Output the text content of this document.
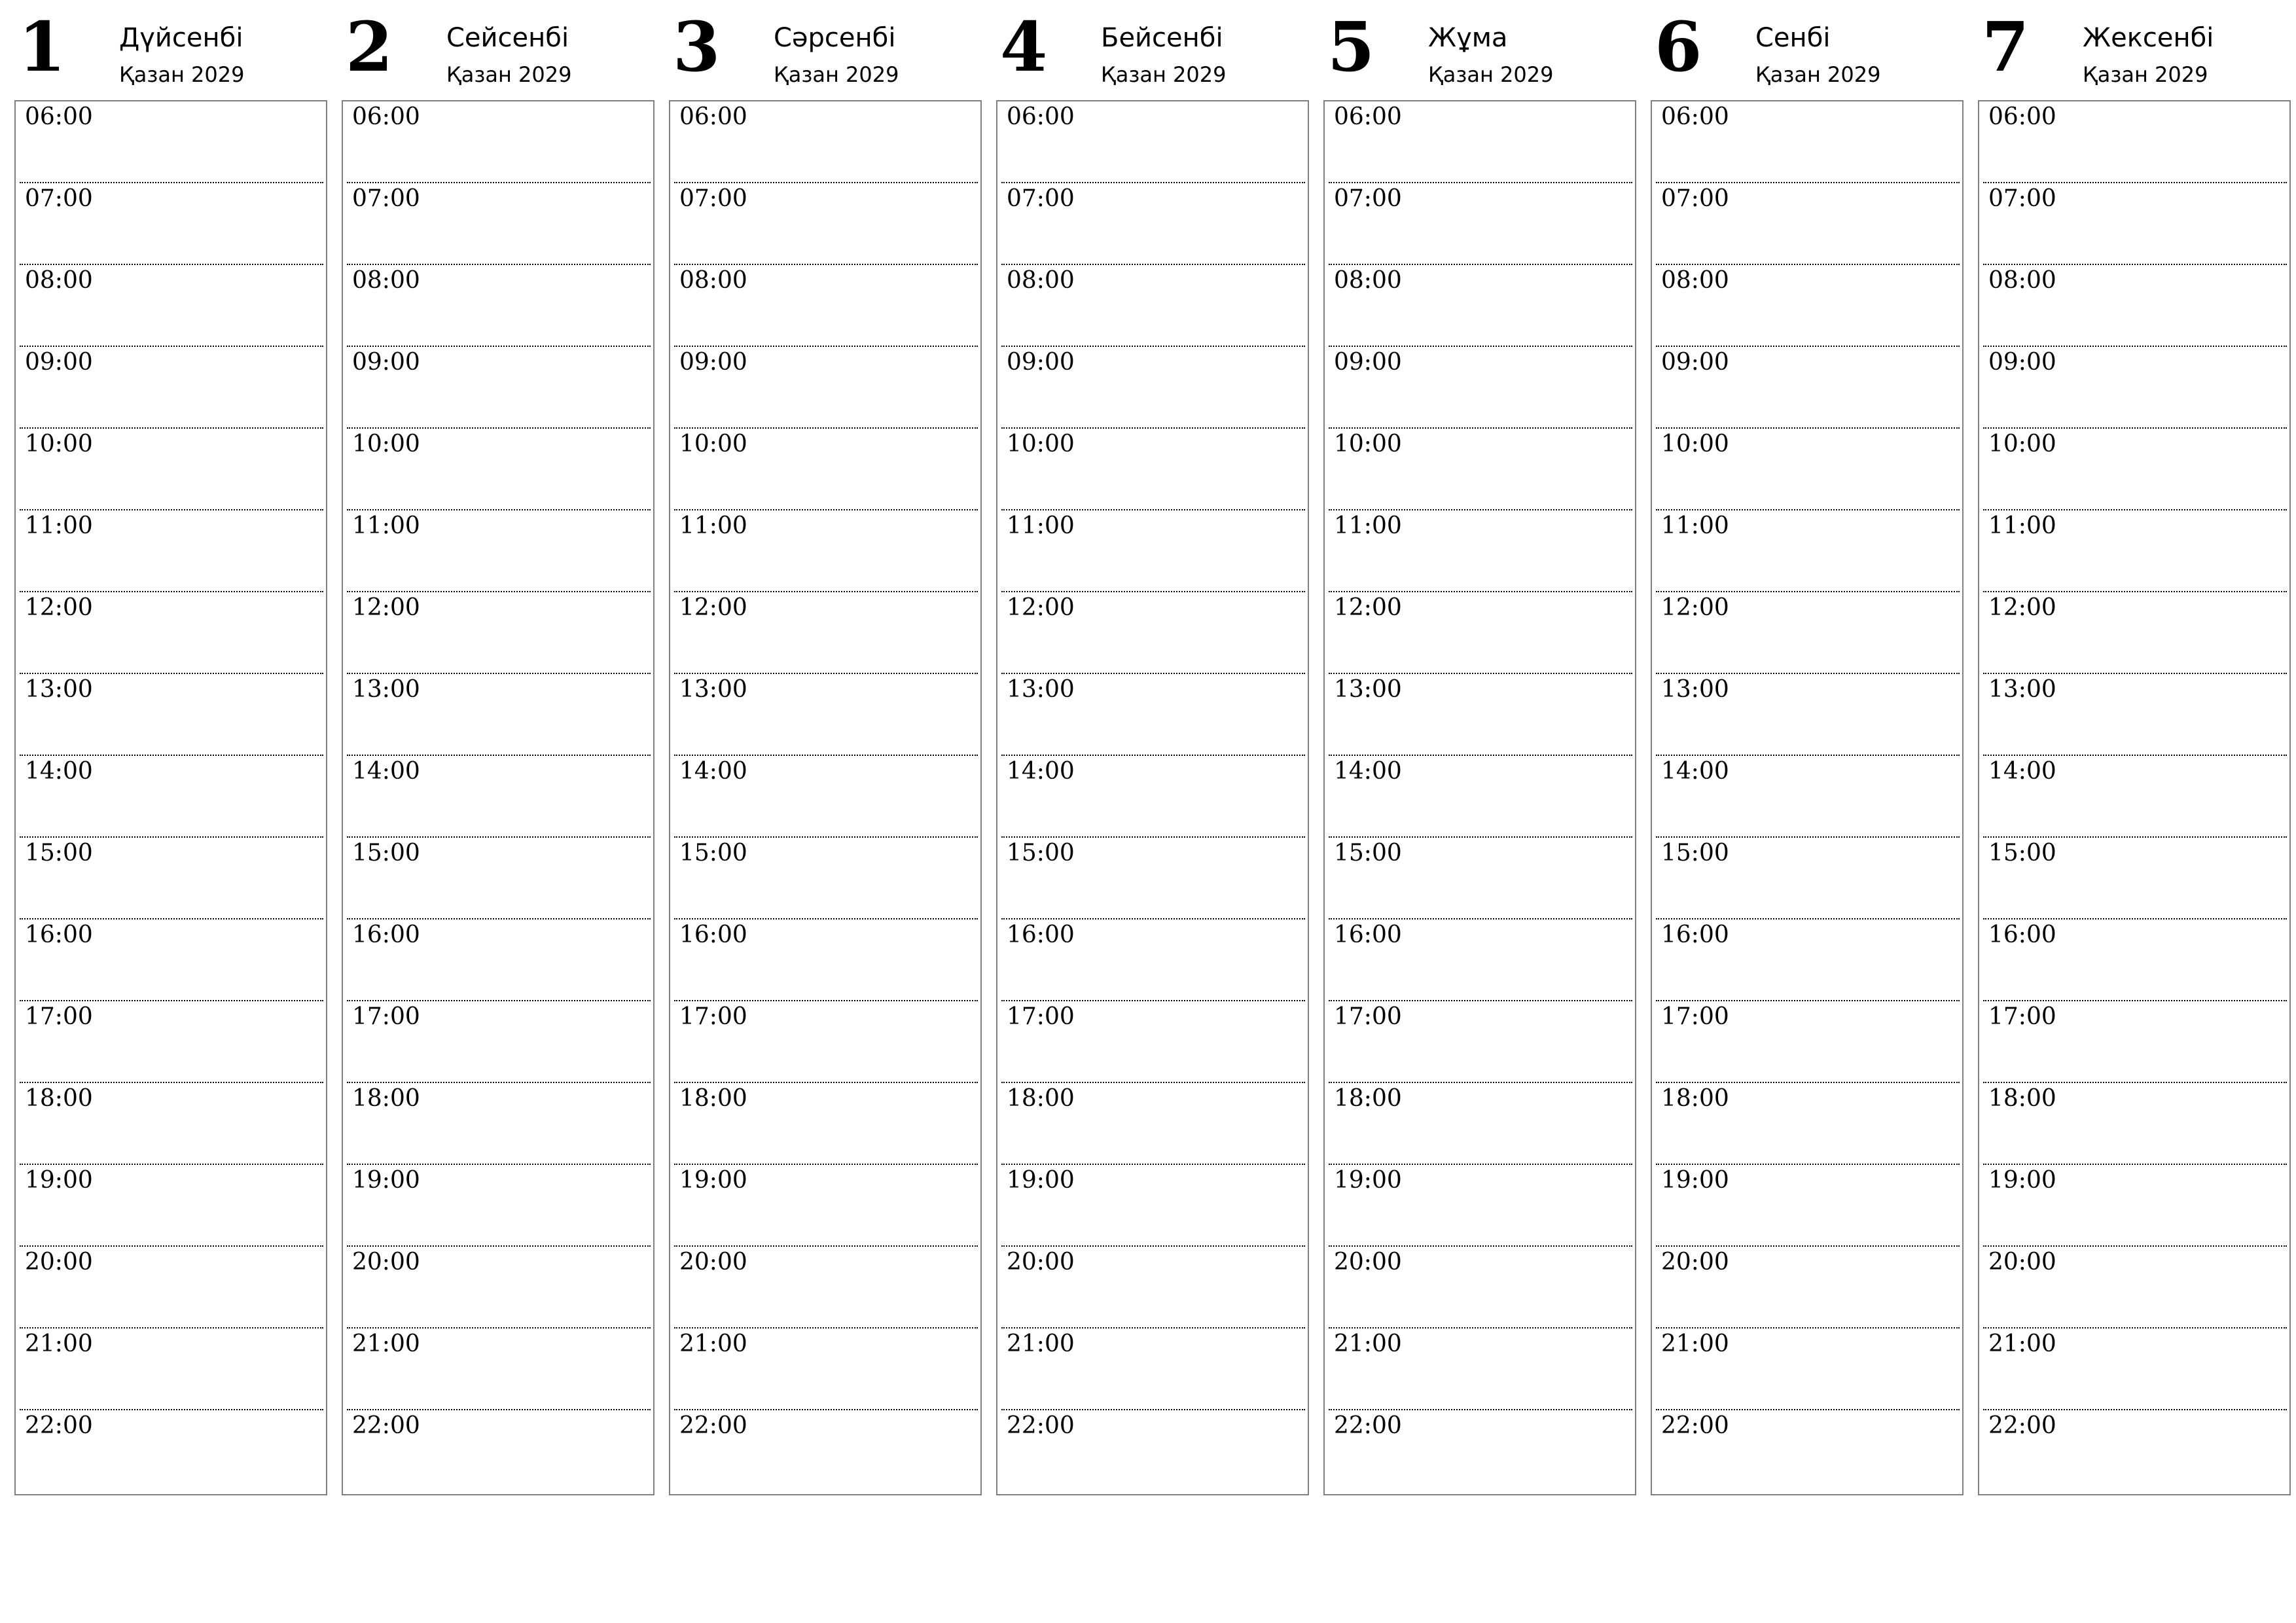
1 Дүйсенбі
Қазан 2029
06:00
07:00
08:00
09:00
10:00
11:00
12:00
13:00
14:00
15:00
16:00
17:00
18:00
19:00
20:00
21:00
22:00
2 Сейсенбі
Қазан 2029
06:00
07:00
08:00
09:00
10:00
11:00
12:00
13:00
14:00
15:00
16:00
17:00
18:00
19:00
20:00
21:00
22:00
3 Сәрсенбі
Қазан 2029
06:00
07:00
08:00
09:00
10:00
11:00
12:00
13:00
14:00
15:00
16:00
17:00
18:00
19:00
20:00
21:00
22:00
4 Бейсенбі
Қазан 2029
06:00
07:00
08:00
09:00
10:00
11:00
12:00
13:00
14:00
15:00
16:00
17:00
18:00
19:00
20:00
21:00
22:00
5 Жұма
Қазан 2029
06:00
07:00
08:00
09:00
10:00
11:00
12:00
13:00
14:00
15:00
16:00
17:00
18:00
19:00
20:00
21:00
22:00
6 Сенбі
Қазан 2029
06:00
07:00
08:00
09:00
10:00
11:00
12:00
13:00
14:00
15:00
16:00
17:00
18:00
19:00
20:00
21:00
22:00
7 Жексенбі
Қазан 2029
06:00
07:00
08:00
09:00
10:00
11:00
12:00
13:00
14:00
15:00
16:00
17:00
18:00
19:00
20:00
21:00
22:00
